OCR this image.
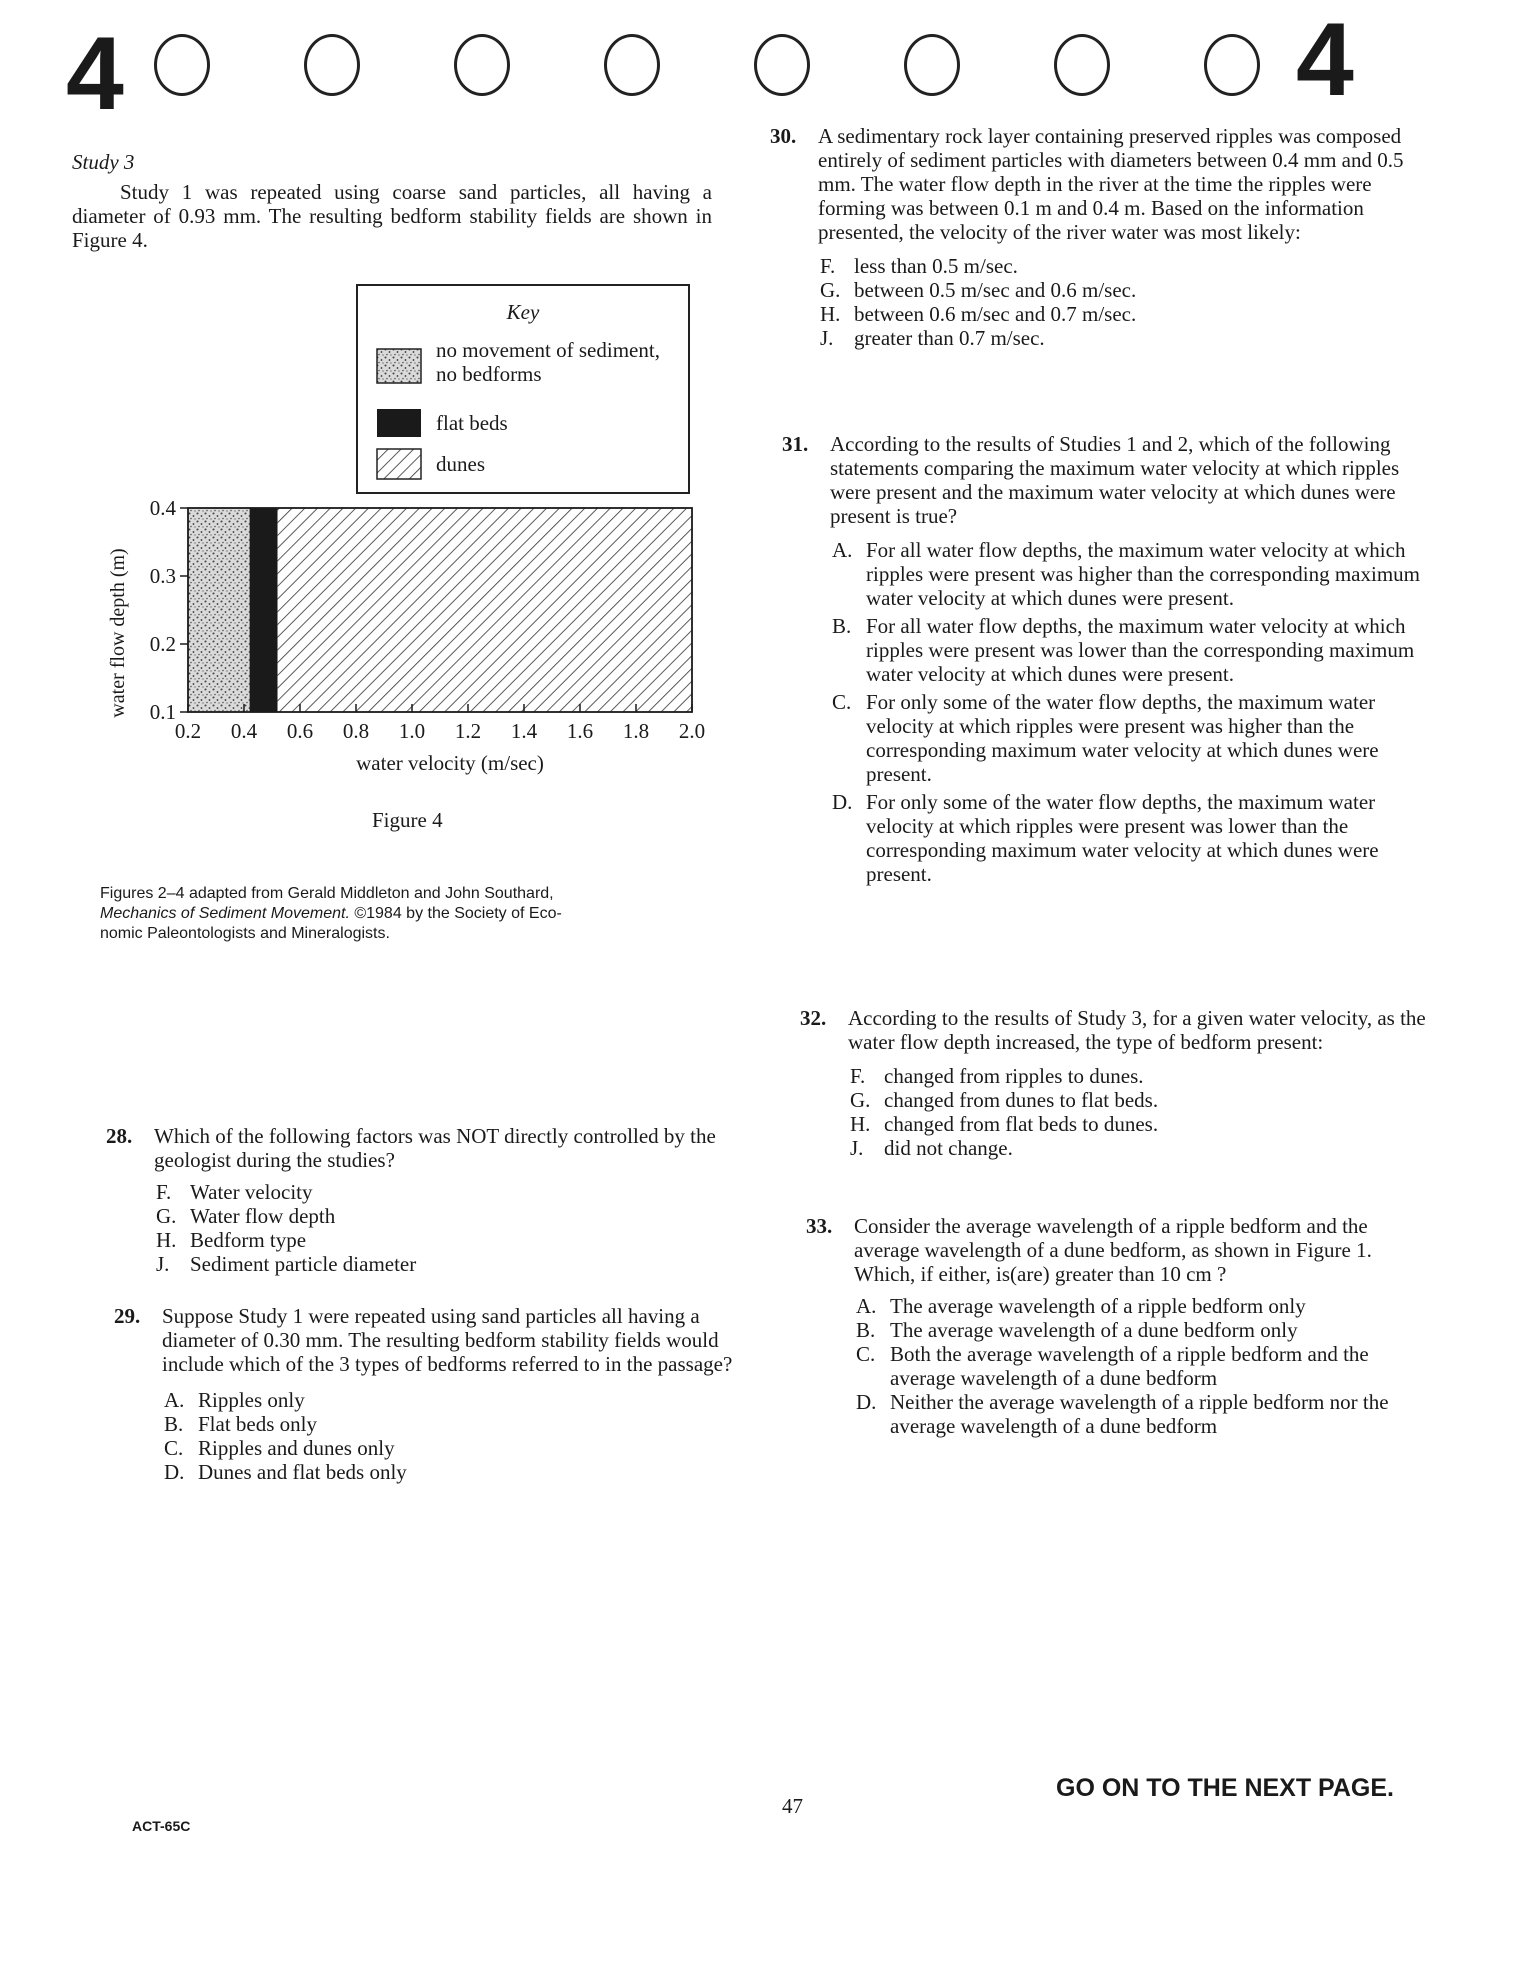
4	4
Study 3
Study 1 was repeated using coarse sand particles, all having a diameter of 0.93 mm. The resulting bedform stability fields are shown in Figure 4.
Key
no movement of sediment, no bedforms
flat beds
dunes
0.2 0.4 0.6 0.8 1.0 1.2 1.4 1.6 1.8 2.0
0.1
0.2
0.3
0.4
water velocity (m/sec)
water flow depth (m)
Figure 4
Figures 2–4 adapted from Gerald Middleton and John Southard,
Mechanics of Sediment Movement. ©1984 by the Society of Eco-
nomic Paleontologists and Mineralogists.
28.	Which of the following factors was NOT directly controlled by the geologist during the studies?
F. Water velocity
G. Water flow depth
H. Bedform type
J. Sediment particle diameter
29.	Suppose Study 1 were repeated using sand particles all having a diameter of 0.30 mm. The resulting bedform stability fields would include which of the 3 types of bedforms referred to in the passage?
A. Ripples only
B. Flat beds only
C. Ripples and dunes only
D. Dunes and flat beds only
30.	A sedimentary rock layer containing preserved ripples was composed entirely of sediment particles with diameters between 0.4 mm and 0.5 mm. The water flow depth in the river at the time the ripples were forming was between 0.1 m and 0.4 m. Based on the information presented, the velocity of the river water was most likely:
F. less than 0.5 m/sec.
G. between 0.5 m/sec and 0.6 m/sec.
H. between 0.6 m/sec and 0.7 m/sec.
J. greater than 0.7 m/sec.
31.	According to the results of Studies 1 and 2, which of the following statements comparing the maximum water velocity at which ripples were present and the maximum water velocity at which dunes were present is true?
A. For all water flow depths, the maximum water velocity at which ripples were present was higher than the corresponding maximum water velocity at which dunes were present.
B. For all water flow depths, the maximum water velocity at which ripples were present was lower than the corresponding maximum water velocity at which dunes were present.
C. For only some of the water flow depths, the maximum water velocity at which ripples were present was higher than the corresponding maximum water velocity at which dunes were present.
D. For only some of the water flow depths, the maximum water velocity at which ripples were present was lower than the corresponding maximum water velocity at which dunes were present.
32.	According to the results of Study 3, for a given water velocity, as the water flow depth increased, the type of bedform present:
F. changed from ripples to dunes.
G. changed from dunes to flat beds.
H. changed from flat beds to dunes.
J. did not change.
33.	Consider the average wavelength of a ripple bedform and the average wavelength of a dune bedform, as shown in Figure 1. Which, if either, is(are) greater than 10 cm ?
A. The average wavelength of a ripple bedform only
B. The average wavelength of a dune bedform only
C. Both the average wavelength of a ripple bedform and the average wavelength of a dune bedform
D. Neither the average wavelength of a ripple bedform nor the average wavelength of a dune bedform
47
GO ON TO THE NEXT PAGE.
ACT-65C
